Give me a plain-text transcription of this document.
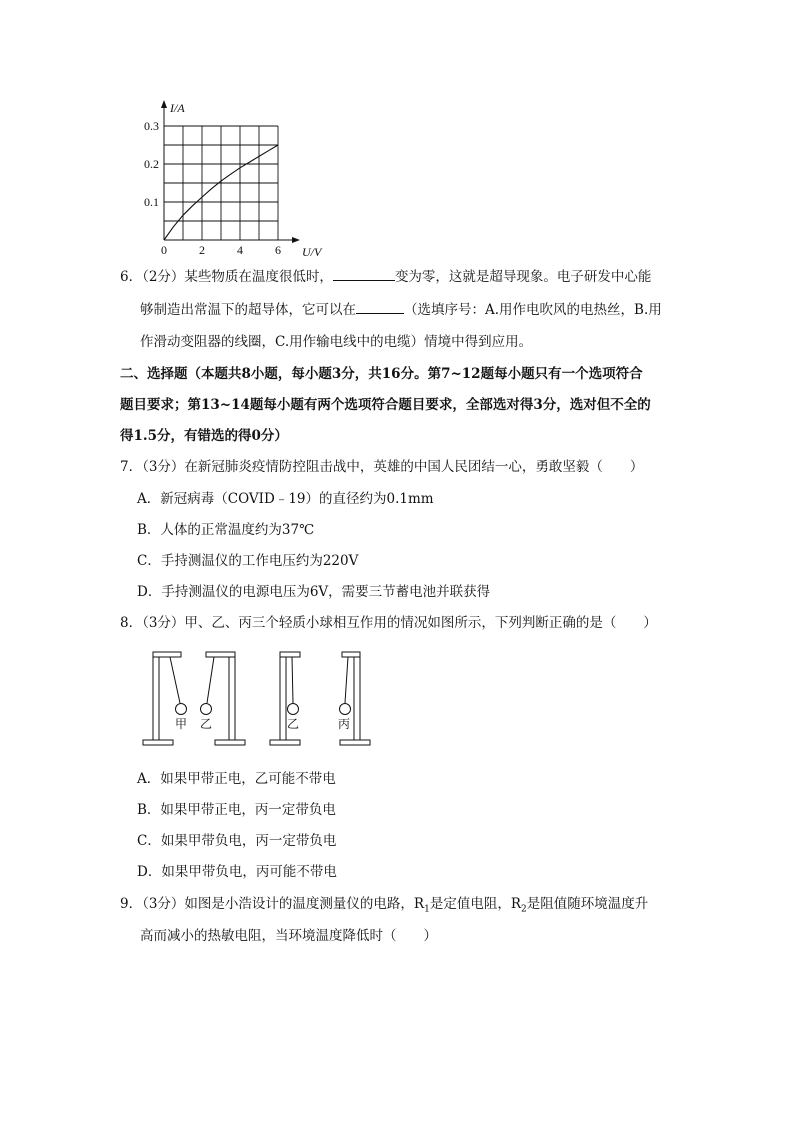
0	2	4	6
0.1
0.2
0.3
I/A
U/V
6．（2分）某些物质在温度很低时，	变为零，这就是超导现象。电子研发中心能
够制造出常温下的超导体，它可以在	（选填序号：A.用作电吹风的电热丝，B.用
作滑动变阻器的线圈，C.用作输电线中的电缆）情境中得到应用。
二、选择题（本题共8小题，每小题3分，共16分。第7~12题每小题只有一个选项符合
题目要求；第13~14题每小题有两个选项符合题目要求，全部选对得3分，选对但不全的
得1.5分，有错选的得0分）
7．（3分）在新冠肺炎疫情防控阻击战中，英雄的中国人民团结一心，勇敢坚毅（　　）
A．新冠病毒（COVID﹣19）的直径约为0.1mm
B．人体的正常温度约为37℃
C．手持测温仪的工作电压约为220V
D．手持测温仪的电源电压为6V，需要三节蓄电池并联获得
8．（3分）甲、乙、丙三个轻质小球相互作用的情况如图所示，下列判断正确的是（　　）
甲 乙	乙	丙
A．如果甲带正电，乙可能不带电
B．如果甲带正电，丙一定带负电
C．如果甲带负电，丙一定带负电
D．如果甲带负电，丙可能不带电
9．（3分）如图是小浩设计的温度测量仪的电路，$R_1$是定值电阻，$R_2$是阻值随环境温度升
高而减小的热敏电阻，当环境温度降低时（　　）
